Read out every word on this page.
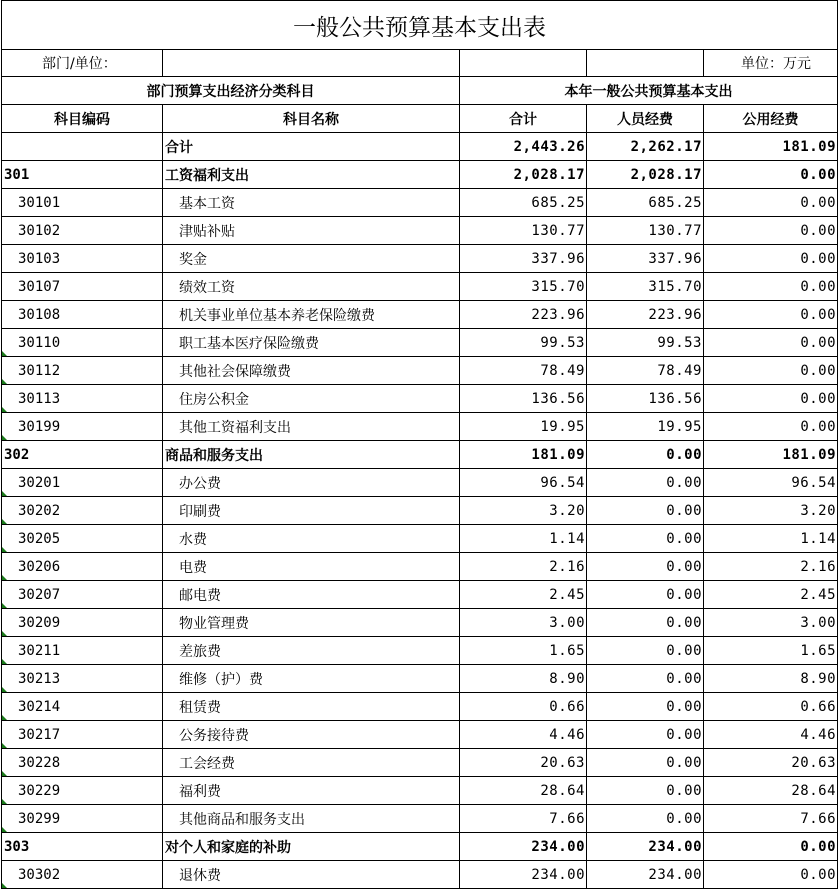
一般公共预算基本支出表				
部门/单位：				单位：万元
部门预算支出经济分类科目		本年一般公共预算基本支出		
科目编码	科目名称	合计	人员经费	公用经费
	合计	2,443.26	2,262.17	181.09
301	工资福利支出	2,028.17	2,028.17	0.00
30101	基本工资	685.25	685.25	0.00
30102	津贴补贴	130.77	130.77	0.00
30103	奖金	337.96	337.96	0.00
30107	绩效工资	315.70	315.70	0.00
30108	机关事业单位基本养老保险缴费	223.96	223.96	0.00
30110	职工基本医疗保险缴费	99.53	99.53	0.00
30112	其他社会保障缴费	78.49	78.49	0.00
30113	住房公积金	136.56	136.56	0.00
30199	其他工资福利支出	19.95	19.95	0.00
302	商品和服务支出	181.09	0.00	181.09
30201	办公费	96.54	0.00	96.54
30202	印刷费	3.20	0.00	3.20
30205	水费	1.14	0.00	1.14
30206	电费	2.16	0.00	2.16
30207	邮电费	2.45	0.00	2.45
30209	物业管理费	3.00	0.00	3.00
30211	差旅费	1.65	0.00	1.65
30213	维修（护）费	8.90	0.00	8.90
30214	租赁费	0.66	0.00	0.66
30217	公务接待费	4.46	0.00	4.46
30228	工会经费	20.63	0.00	20.63
30229	福利费	28.64	0.00	28.64
30299	其他商品和服务支出	7.66	0.00	7.66
303	对个人和家庭的补助	234.00	234.00	0.00
30302	退休费	234.00	234.00	0.00
